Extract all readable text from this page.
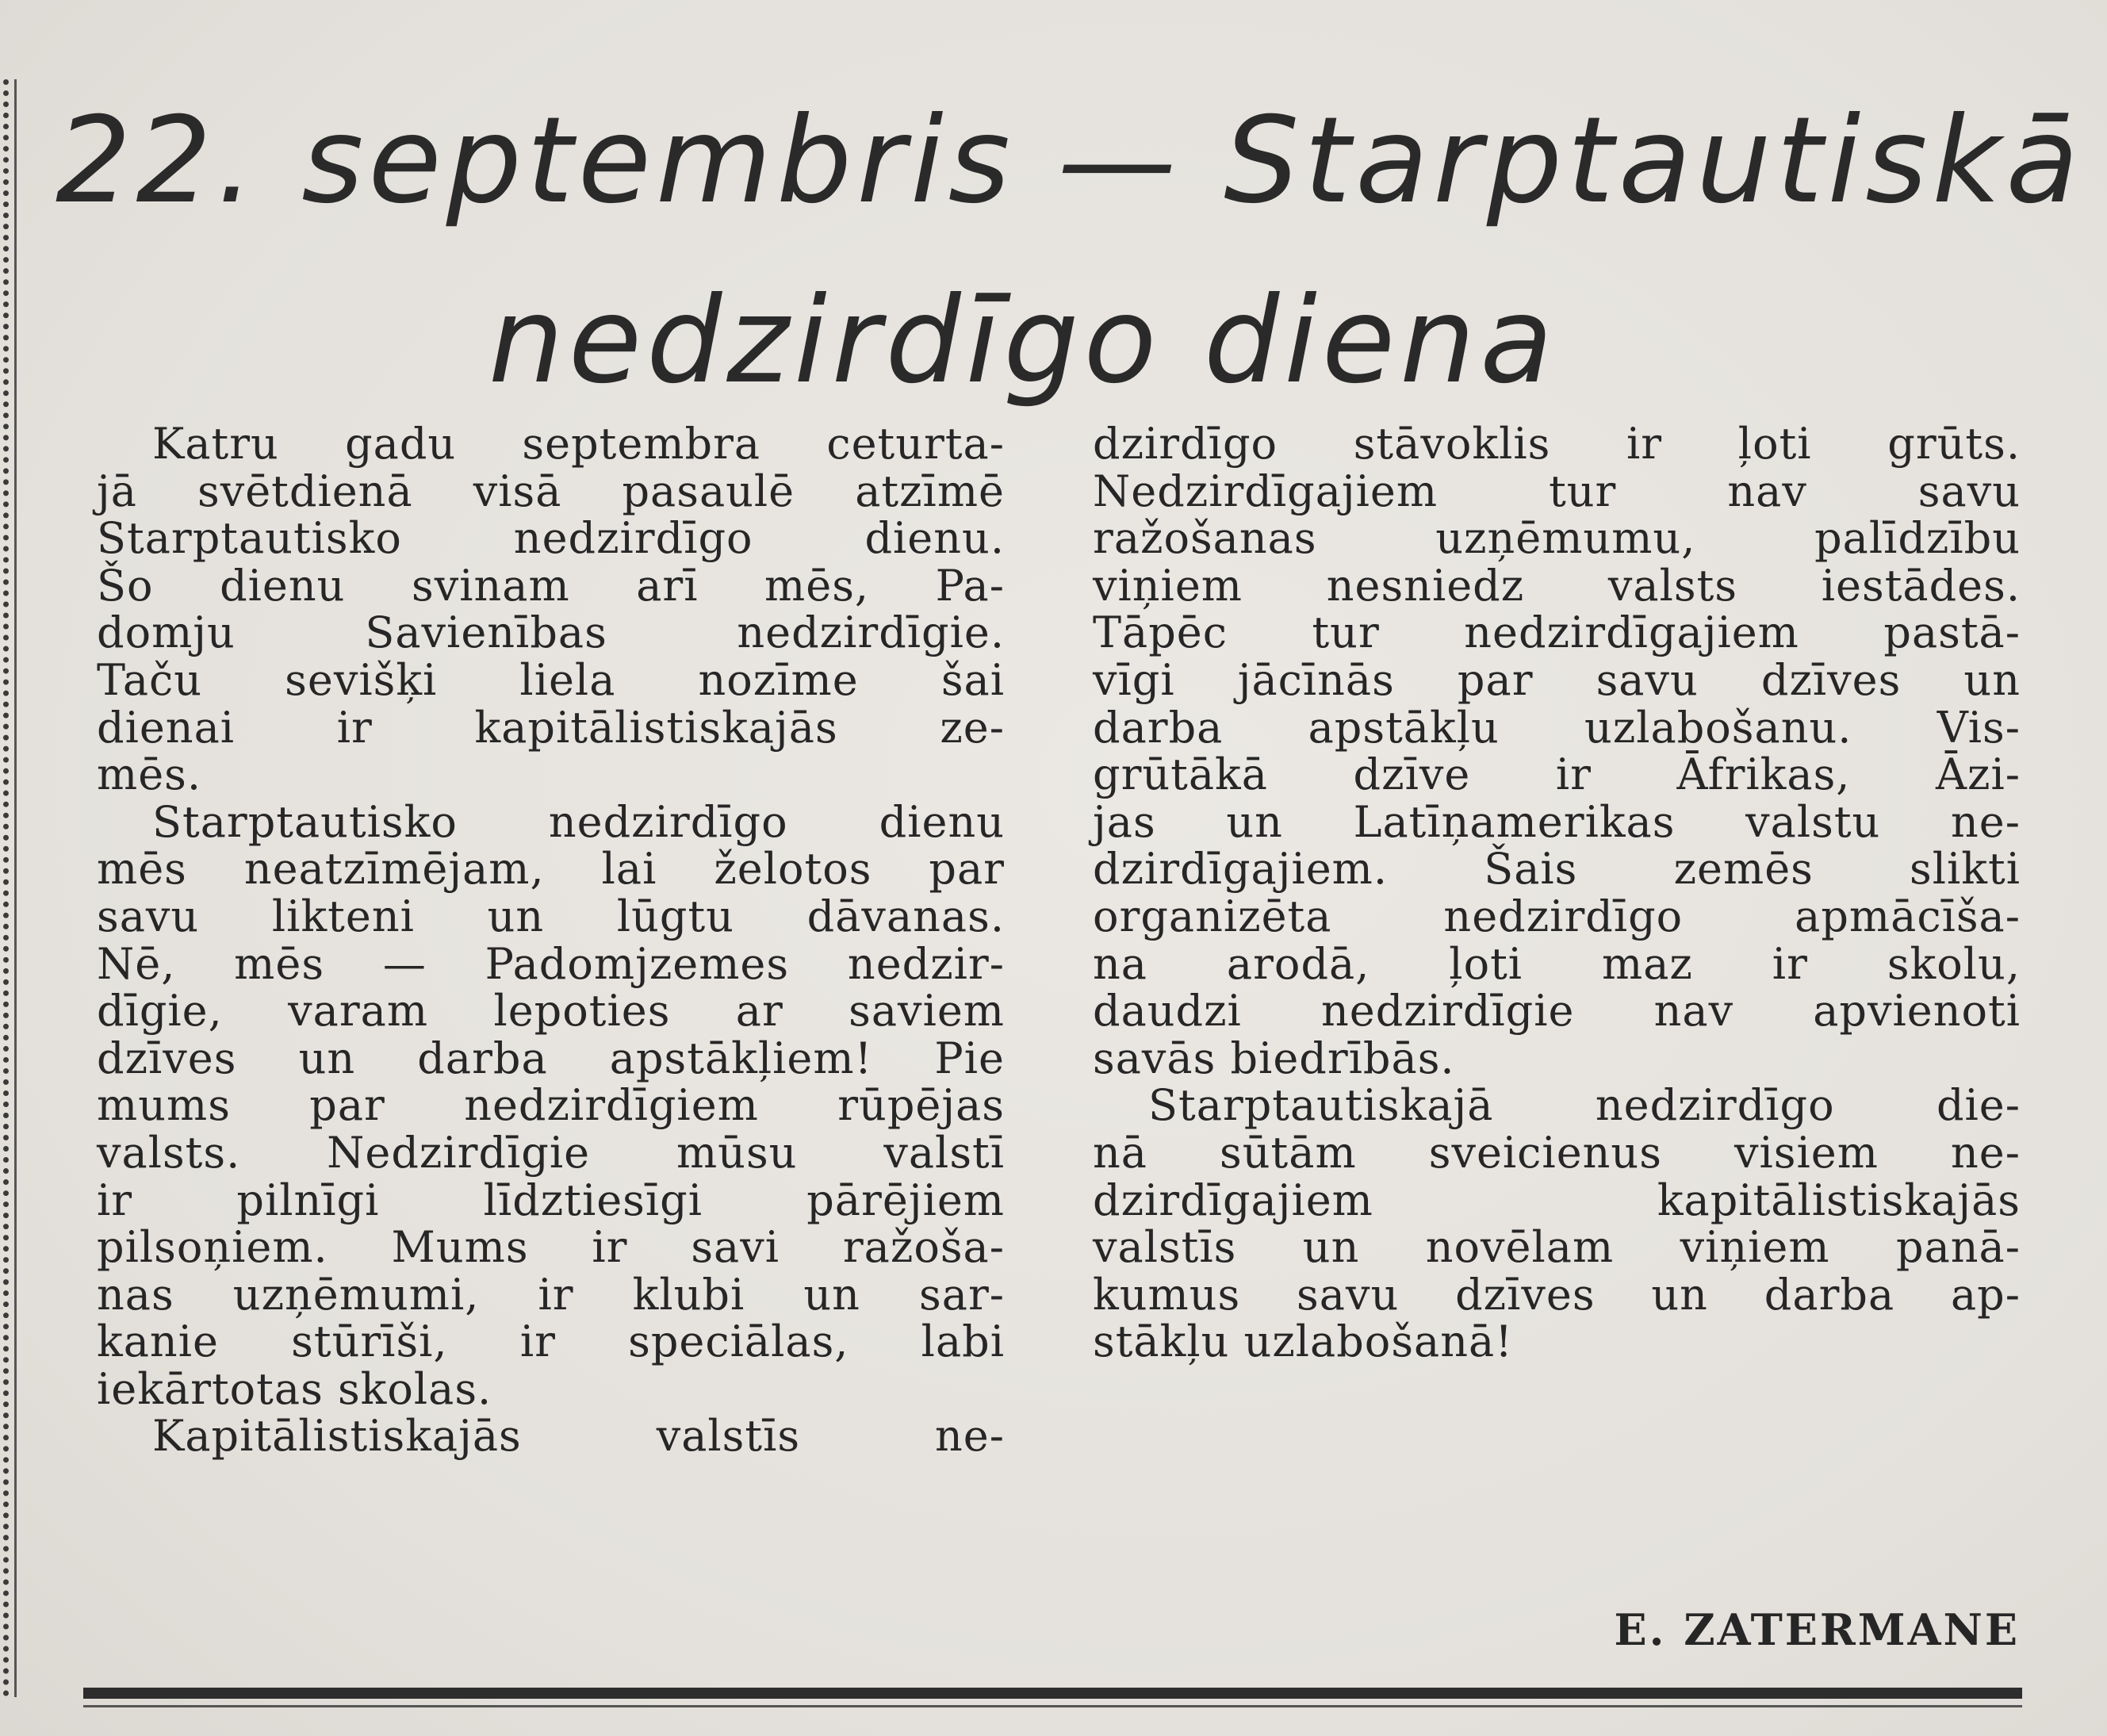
22. septembris — Starptautiskā
nedzirdīgo diena
Katru gadu septembra ceturta-
jā svētdienā visā pasaulē atzīmē
Starptautisko nedzirdīgo dienu.
Šo dienu svinam arī mēs, Pa-
domju Savienības nedzirdīgie.
Taču sevišķi liela nozīme šai
dienai ir kapitālistiskajās ze-
mēs.
Starptautisko nedzirdīgo dienu
mēs neatzīmējam, lai želotos par
savu likteni un lūgtu dāvanas.
Nē, mēs — Padomjzemes nedzir-
dīgie, varam lepoties ar saviem
dzīves un darba apstākļiem! Pie
mums par nedzirdīgiem rūpējas
valsts. Nedzirdīgie mūsu valstī
ir pilnīgi līdztiesīgi pārējiem
pilsoņiem. Mums ir savi ražoša-
nas uzņēmumi, ir klubi un sar-
kanie stūrīši, ir speciālas, labi
iekārtotas skolas.
Kapitālistiskajās valstīs ne-
dzirdīgo stāvoklis ir ļoti grūts.
Nedzirdīgajiem tur nav savu
ražošanas uzņēmumu, palīdzību
viņiem nesniedz valsts iestādes.
Tāpēc tur nedzirdīgajiem pastā-
vīgi jācīnās par savu dzīves un
darba apstākļu uzlabošanu. Vis-
grūtākā dzīve ir Āfrikas, Āzi-
jas un Latīņamerikas valstu ne-
dzirdīgajiem. Šais zemēs slikti
organizēta nedzirdīgo apmācīša-
na arodā, ļoti maz ir skolu,
daudzi nedzirdīgie nav apvienoti
savās biedrībās.
Starptautiskajā nedzirdīgo die-
nā sūtām sveicienus visiem ne-
dzirdīgajiem kapitālistiskajās
valstīs un novēlam viņiem panā-
kumus savu dzīves un darba ap-
stākļu uzlabošanā!
E. ZATERMANE
